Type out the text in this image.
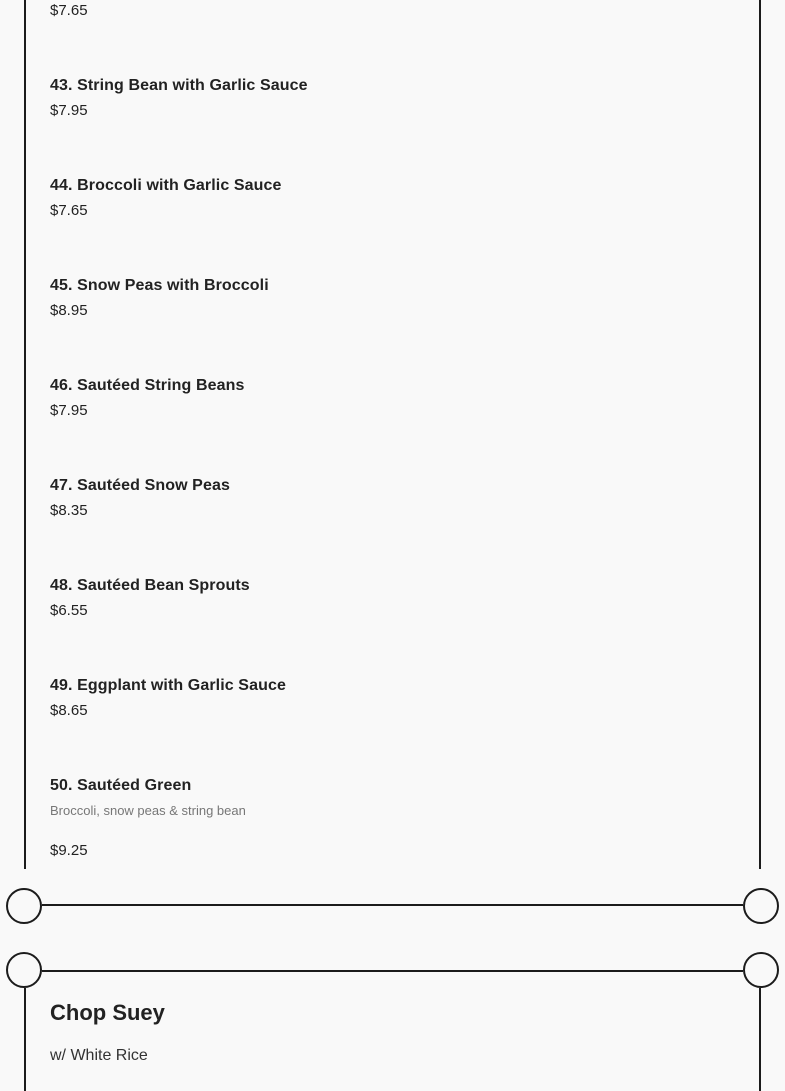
$7.65
43. String Bean with Garlic Sauce
$7.95
44. Broccoli with Garlic Sauce
$7.65
45. Snow Peas with Broccoli
$8.95
46. Sautéed String Beans
$7.95
47. Sautéed Snow Peas
$8.35
48. Sautéed Bean Sprouts
$6.55
49. Eggplant with Garlic Sauce
$8.65
50. Sautéed Green
Broccoli, snow peas & string bean
$9.25
Chop Suey
w/ White Rice
